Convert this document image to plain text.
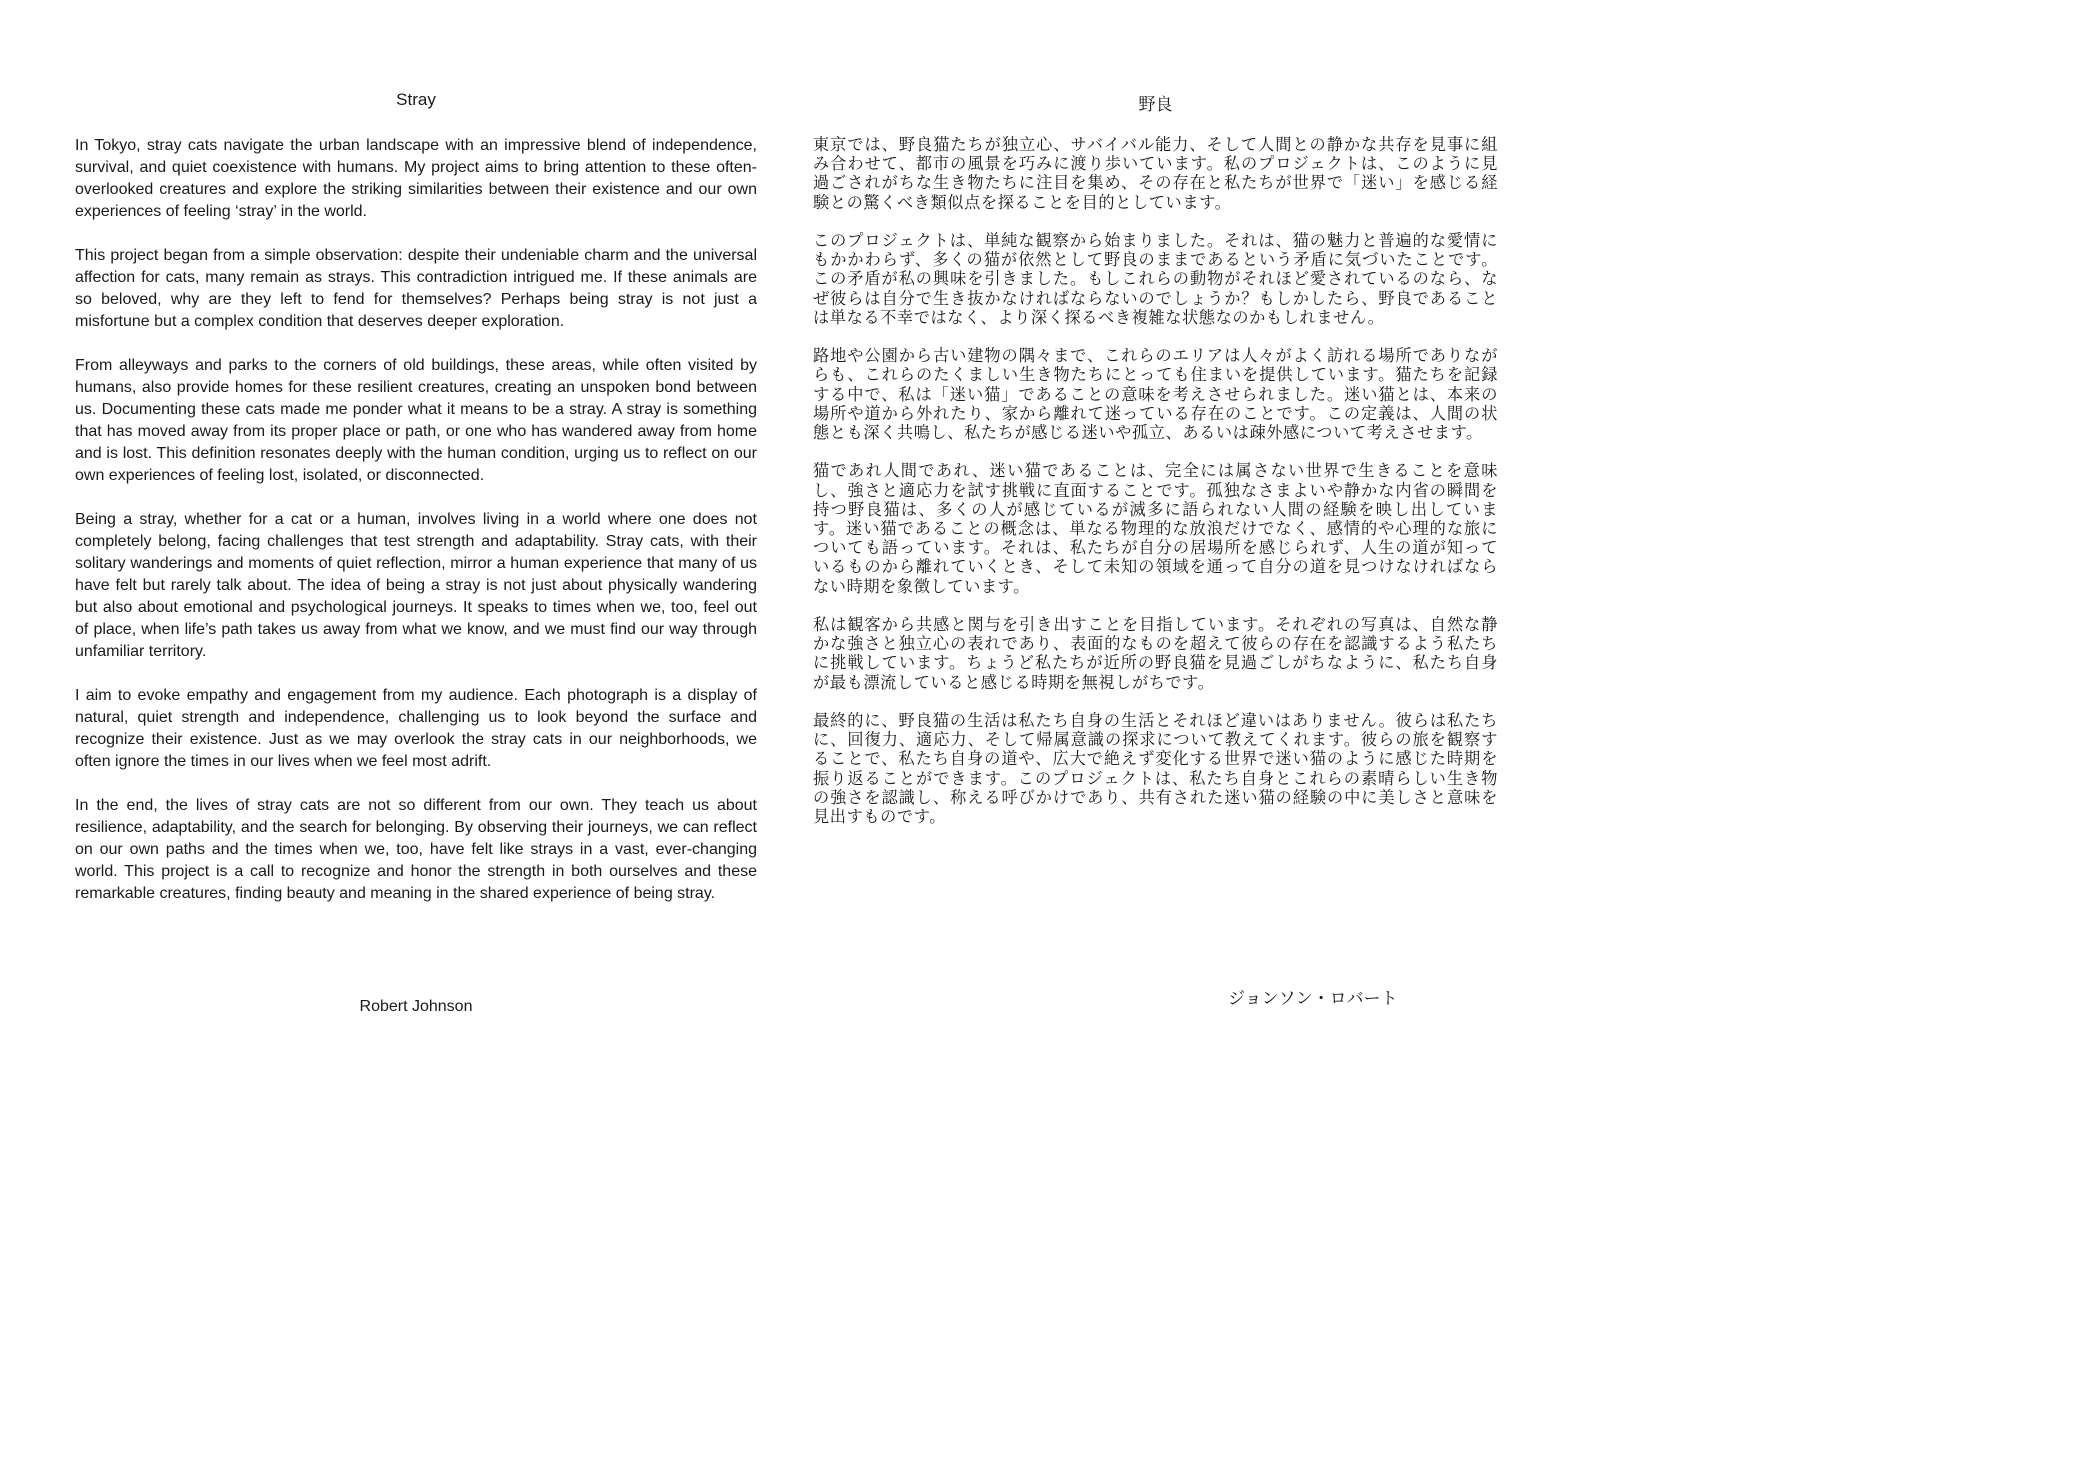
Stray

In Tokyo, stray cats navigate the urban landscape with an impressive blend of independence, survival, and quiet coexistence with humans. My project aims to bring attention to these often-overlooked creatures and explore the striking similarities between their existence and our own experiences of feeling ‘stray’ in the world.

This project began from a simple observation: despite their undeniable charm and the universal affection for cats, many remain as strays. This contradiction intrigued me. If these animals are so beloved, why are they left to fend for themselves? Perhaps being stray is not just a misfortune but a complex condition that deserves deeper exploration.

From alleyways and parks to the corners of old buildings, these areas, while often visited by humans, also provide homes for these resilient creatures, creating an unspoken bond between us. Documenting these cats made me ponder what it means to be a stray. A stray is something that has moved away from its proper place or path, or one who has wandered away from home and is lost. This definition resonates deeply with the human condition, urging us to reflect on our own experiences of feeling lost, isolated, or disconnected.

Being a stray, whether for a cat or a human, involves living in a world where one does not completely belong, facing challenges that test strength and adaptability. Stray cats, with their solitary wanderings and moments of quiet reflection, mirror a human experience that many of us have felt but rarely talk about. The idea of being a stray is not just about physically wandering but also about emotional and psychological journeys. It speaks to times when we, too, feel out of place, when life’s path takes us away from what we know, and we must find our way through unfamiliar territory.

I aim to evoke empathy and engagement from my audience. Each photograph is a display of natural, quiet strength and independence, challenging us to look beyond the surface and recognize their existence. Just as we may overlook the stray cats in our neighborhoods, we often ignore the times in our lives when we feel most adrift.

In the end, the lives of stray cats are not so different from our own. They teach us about resilience, adaptability, and the search for belonging. By observing their journeys, we can reflect on our own paths and the times when we, too, have felt like strays in a vast, ever-changing world. This project is a call to recognize and honor the strength in both ourselves and these remarkable creatures, finding beauty and meaning in the shared experience of being stray.

野良

東京では、野良猫たちが独立心、サバイバル能力、そして人間との静かな共存を見事に組み合わせて、都市の風景を巧みに渡り歩いています。私のプロジェクトは、このように見過ごされがちな生き物たちに注目を集め、その存在と私たちが世界で「迷い」を感じる経験との驚くべき類似点を探ることを目的としています。

このプロジェクトは、単純な観察から始まりました。それは、猫の魅力と普遍的な愛情にもかかわらず、多くの猫が依然として野良のままであるという矛盾に気づいたことです。この矛盾が私の興味を引きました。もしこれらの動物がそれほど愛されているのなら、なぜ彼らは自分で生き抜かなければならないのでしょうか？もしかしたら、野良であることは単なる不幸ではなく、より深く探るべき複雑な状態なのかもしれません。

路地や公園から古い建物の隅々まで、これらのエリアは人々がよく訪れる場所でありながらも、これらのたくましい生き物たちにとっても住まいを提供しています。猫たちを記録する中で、私は「迷い猫」であることの意味を考えさせられました。迷い猫とは、本来の場所や道から外れたり、家から離れて迷っている存在のことです。この定義は、人間の状態とも深く共鳴し、私たちが感じる迷いや孤立、あるいは疎外感について考えさせます。

猫であれ人間であれ、迷い猫であることは、完全には属さない世界で生きることを意味し、強さと適応力を試す挑戦に直面することです。孤独なさまよいや静かな内省の瞬間を持つ野良猫は、多くの人が感じているが滅多に語られない人間の経験を映し出しています。迷い猫であることの概念は、単なる物理的な放浪だけでなく、感情的や心理的な旅についても語っています。それは、私たちが自分の居場所を感じられず、人生の道が知っているものから離れていくとき、そして未知の領域を通って自分の道を見つけなければならない時期を象徴しています。

私は観客から共感と関与を引き出すことを目指しています。それぞれの写真は、自然な静かな強さと独立心の表れであり、表面的なものを超えて彼らの存在を認識するよう私たちに挑戦しています。ちょうど私たちが近所の野良猫を見過ごしがちなように、私たち自身が最も漂流していると感じる時期を無視しがちです。

最終的に、野良猫の生活は私たち自身の生活とそれほど違いはありません。彼らは私たちに、回復力、適応力、そして帰属意識の探求について教えてくれます。彼らの旅を観察することで、私たち自身の道や、広大で絶えず変化する世界で迷い猫のように感じた時期を振り返ることができます。このプロジェクトは、私たち自身とこれらの素晴らしい生き物の強さを認識し、称える呼びかけであり、共有された迷い猫の経験の中に美しさと意味を見出すものです。

Robert Johnson	ジョンソン・ロバート
